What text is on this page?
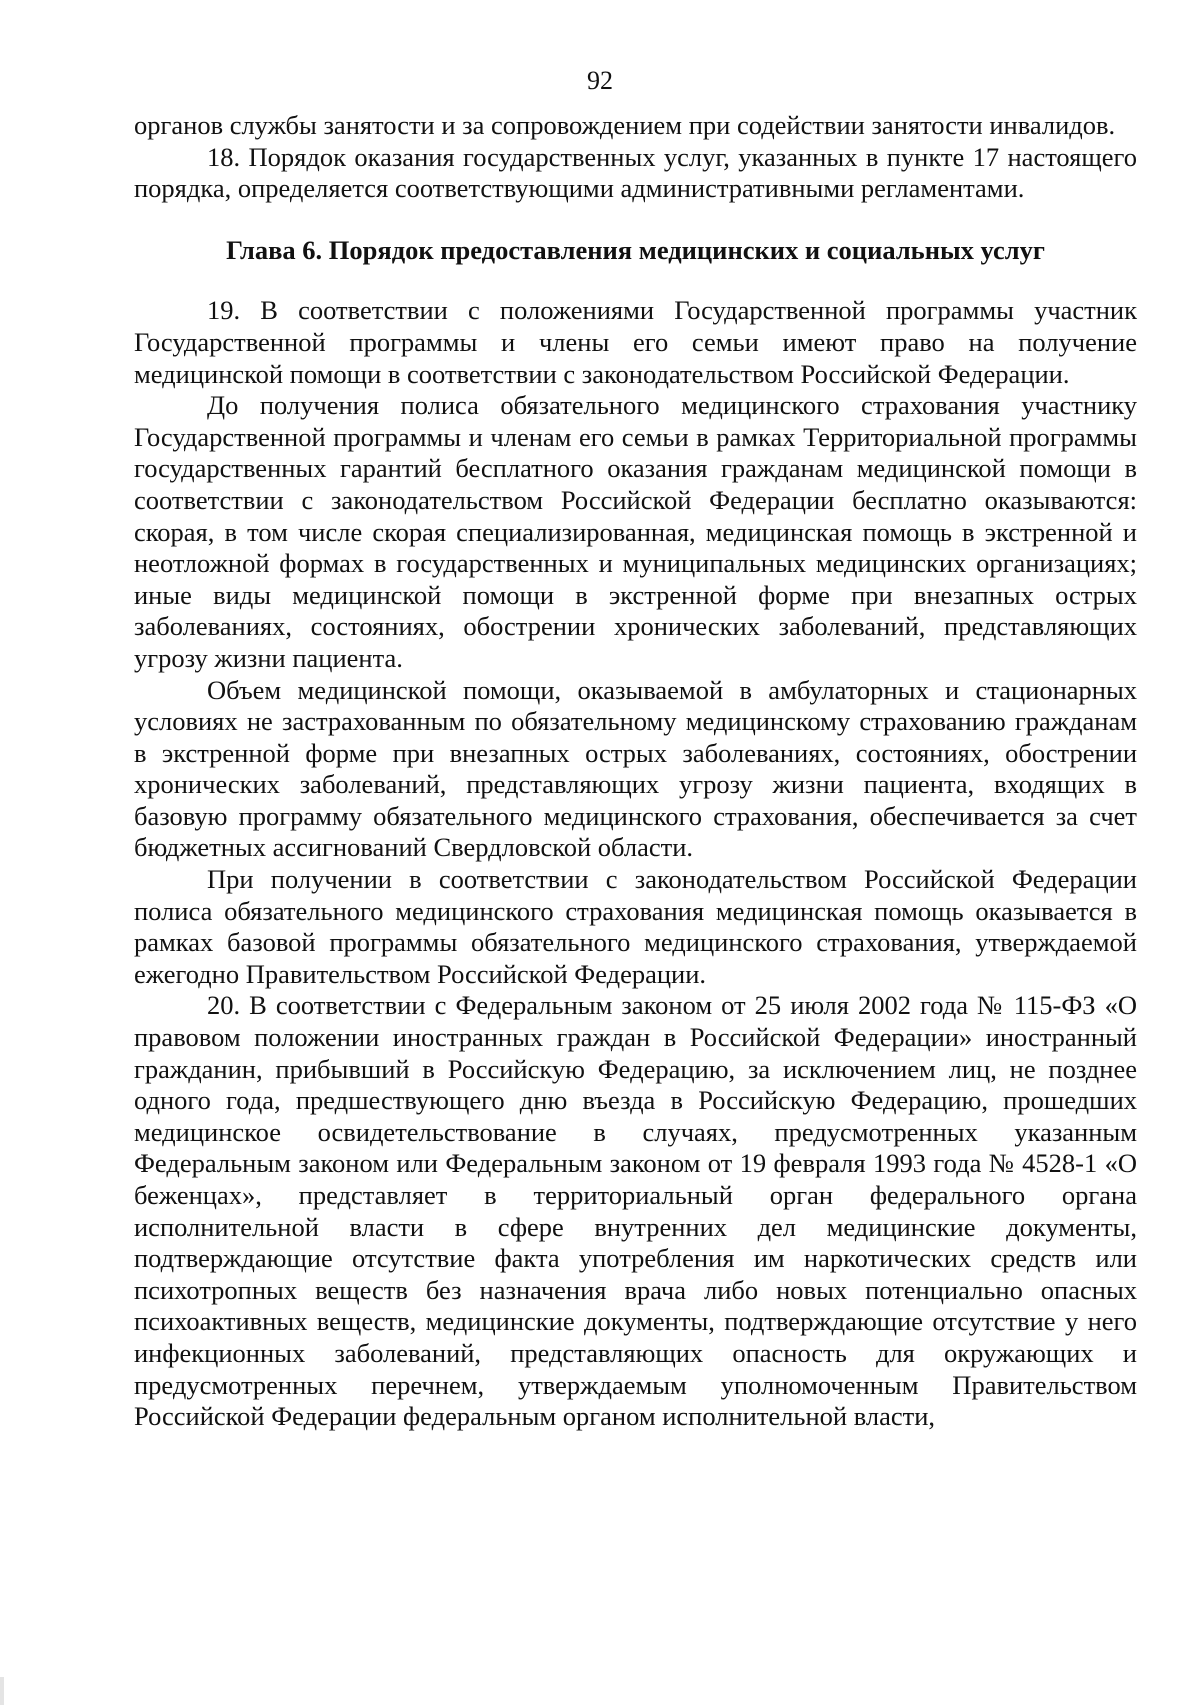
92

органов службы занятости и за сопровождением при содействии занятости инвалидов.

18. Порядок оказания государственных услуг, указанных в пункте 17 настоящего порядка, определяется соответствующими административными регламентами.

Глава 6. Порядок предоставления медицинских и социальных услуг

19. В соответствии с положениями Государственной программы участник Государственной программы и члены его семьи имеют право на получение медицинской помощи в соответствии с законодательством Российской Федерации.

До получения полиса обязательного медицинского страхования участнику Государственной программы и членам его семьи в рамках Территориальной программы государственных гарантий бесплатного оказания гражданам медицинской помощи в соответствии с законодательством Российской Федерации бесплатно оказываются: скорая, в том числе скорая специализированная, медицинская помощь в экстренной и неотложной формах в государственных и муниципальных медицинских организациях; иные виды медицинской помощи в экстренной форме при внезапных острых заболеваниях, состояниях, обострении хронических заболеваний, представляющих угрозу жизни пациента.

Объем медицинской помощи, оказываемой в амбулаторных и стационарных условиях не застрахованным по обязательному медицинскому страхованию гражданам в экстренной форме при внезапных острых заболеваниях, состояниях, обострении хронических заболеваний, представляющих угрозу жизни пациента, входящих в базовую программу обязательного медицинского страхования, обеспечивается за счет бюджетных ассигнований Свердловской области.

При получении в соответствии с законодательством Российской Федерации полиса обязательного медицинского страхования медицинская помощь оказывается в рамках базовой программы обязательного медицинского страхования, утверждаемой ежегодно Правительством Российской Федерации.

20. В соответствии с Федеральным законом от 25 июля 2002 года № 115-ФЗ «О правовом положении иностранных граждан в Российской Федерации» иностранный гражданин, прибывший в Российскую Федерацию, за исключением лиц, не позднее одного года, предшествующего дню въезда в Российскую Федерацию, прошедших медицинское освидетельствование в случаях, предусмотренных указанным Федеральным законом или Федеральным законом от 19 февраля 1993 года № 4528-1 «О беженцах», представляет в территориальный орган федерального органа исполнительной власти в сфере внутренних дел медицинские документы, подтверждающие отсутствие факта употребления им наркотических средств или психотропных веществ без назначения врача либо новых потенциально опасных психоактивных веществ, медицинские документы, подтверждающие отсутствие у него инфекционных заболеваний, представляющих опасность для окружающих и предусмотренных перечнем, утверждаемым уполномоченным Правительством Российской Федерации федеральным органом исполнительной власти,
